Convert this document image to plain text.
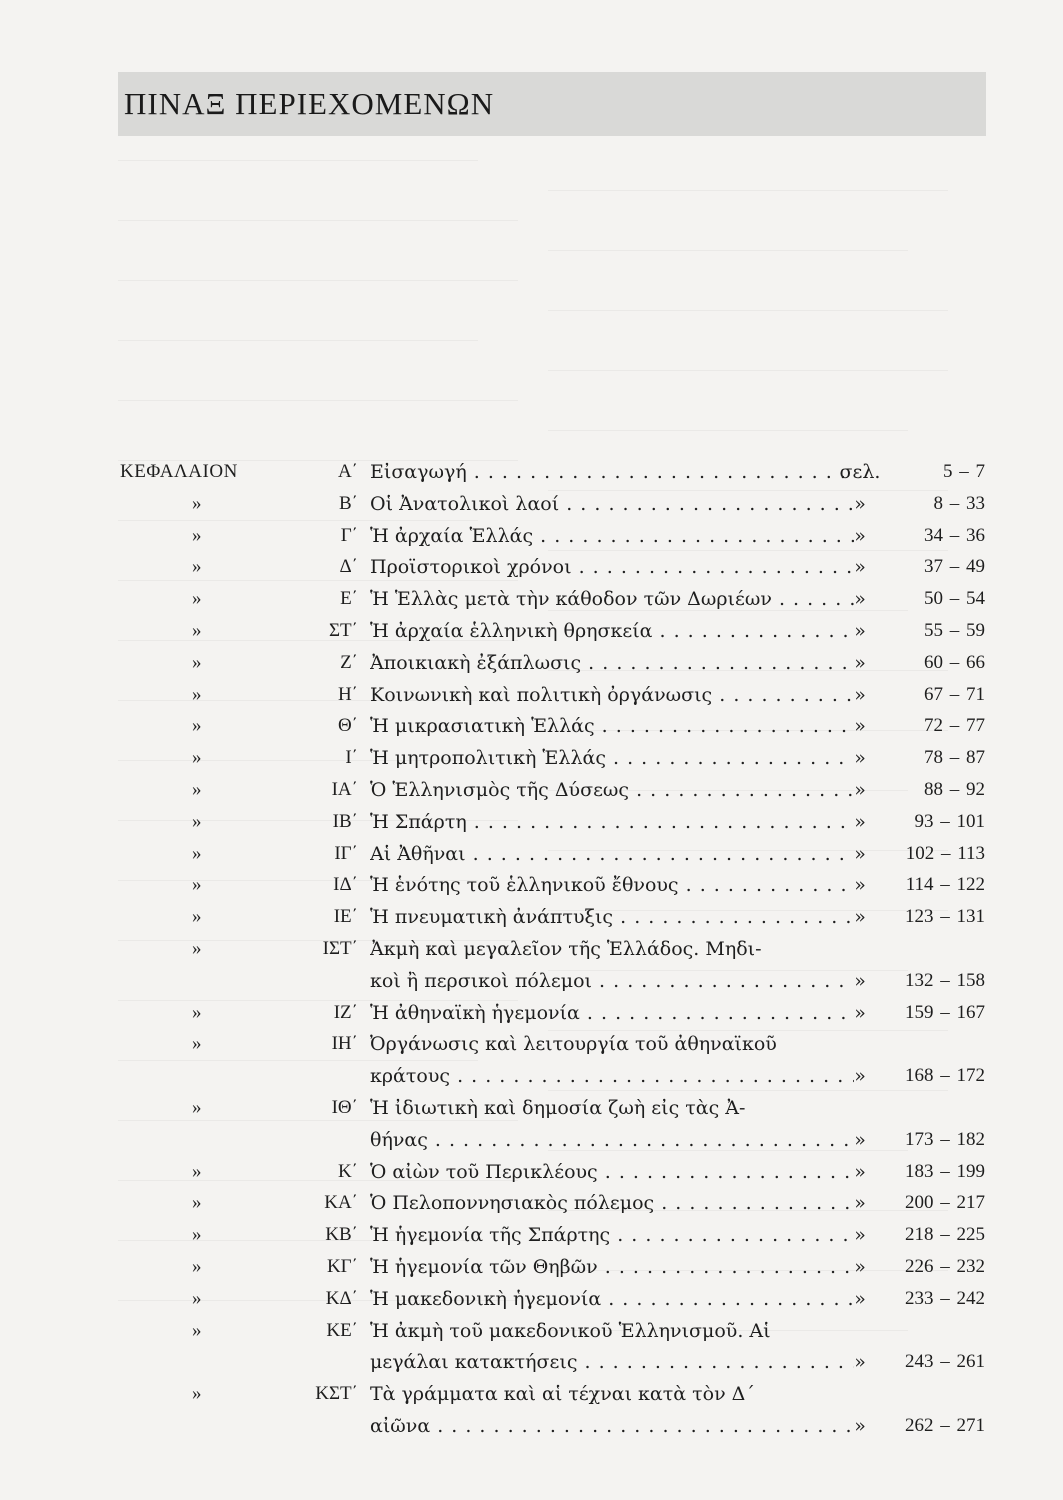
ΠΙΝΑΞ ΠΕΡΙΕΧΟΜΕΝΩΝ
ΚΕΦΑΛΑΙΟΝ	Α΄ Εἰσαγωγή . . .	σελ.	5 – 7
»	Β΄ Οἱ Ἀνατολικοὶ λαοί . . .	»	8 – 33
»	Γ΄ Ἡ ἀρχαία Ἑλλάς . . .	»	34 – 36
»	Δ΄ Προϊστορικοὶ χρόνοι . . .	»	37 – 49
»	Ε΄ Ἡ Ἑλλὰς μετὰ τὴν κάθοδον τῶν Δωριέων . . .	»	50 – 54
»	ΣΤ΄ Ἡ ἀρχαία ἑλληνικὴ θρησκεία . . .	»	55 – 59
»	Ζ΄ Ἀποικιακὴ ἐξάπλωσις . . .	»	60 – 66
»	Η΄ Κοινωνικὴ καὶ πολιτικὴ ὀργάνωσις . . .	»	67 – 71
»	Θ΄ Ἡ μικρασιατικὴ Ἑλλάς . . .	»	72 – 77
»	Ι΄ Ἡ μητροπολιτικὴ Ἑλλάς . . .	»	78 – 87
»	ΙΑ΄ Ὁ Ἑλληνισμὸς τῆς Δύσεως . . .	»	88 – 92
»	ΙΒ΄ Ἡ Σπάρτη . . .	»	93 – 101
»	ΙΓ΄ Αἱ Ἀθῆναι . . .	»	102 – 113
»	ΙΔ΄ Ἡ ἑνότης τοῦ ἑλληνικοῦ ἔθνους . . .	»	114 – 122
»	ΙΕ΄ Ἡ πνευματικὴ ἀνάπτυξις . . .	»	123 – 131
»	ΙΣΤ΄ Ἀκμὴ καὶ μεγαλεῖον τῆς Ἑλλάδος. Μηδι-
κοὶ ἢ περσικοὶ πόλεμοι . . .	»	132 – 158
»	ΙΖ΄ Ἡ ἀθηναϊκὴ ἡγεμονία . . .	»	159 – 167
»	ΙΗ΄ Ὀργάνωσις καὶ λειτουργία τοῦ ἀθηναϊκοῦ
κράτους . . .	»	168 – 172
»	ΙΘ΄ Ἡ ἰδιωτικὴ καὶ δημοσία ζωὴ εἰς τὰς Ἀ-
θήνας . . .	»	173 – 182
»	Κ΄ Ὁ αἰὼν τοῦ Περικλέους . . .	»	183 – 199
»	ΚΑ΄ Ὁ Πελοποννησιακὸς πόλεμος . . .	»	200 – 217
»	ΚΒ΄ Ἡ ἡγεμονία τῆς Σπάρτης . . .	»	218 – 225
»	ΚΓ΄ Ἡ ἡγεμονία τῶν Θηβῶν . . .	»	226 – 232
»	ΚΔ΄ Ἡ μακεδονικὴ ἡγεμονία . . .	»	233 – 242
»	ΚΕ΄ Ἡ ἀκμὴ τοῦ μακεδονικοῦ Ἑλληνισμοῦ. Αἱ
μεγάλαι κατακτήσεις . . .	»	243 – 261
»	ΚΣΤ΄ Τὰ γράμματα καὶ αἱ τέχναι κατὰ τὸν Δ΄
αἰῶνα . . .	»	262 – 271
